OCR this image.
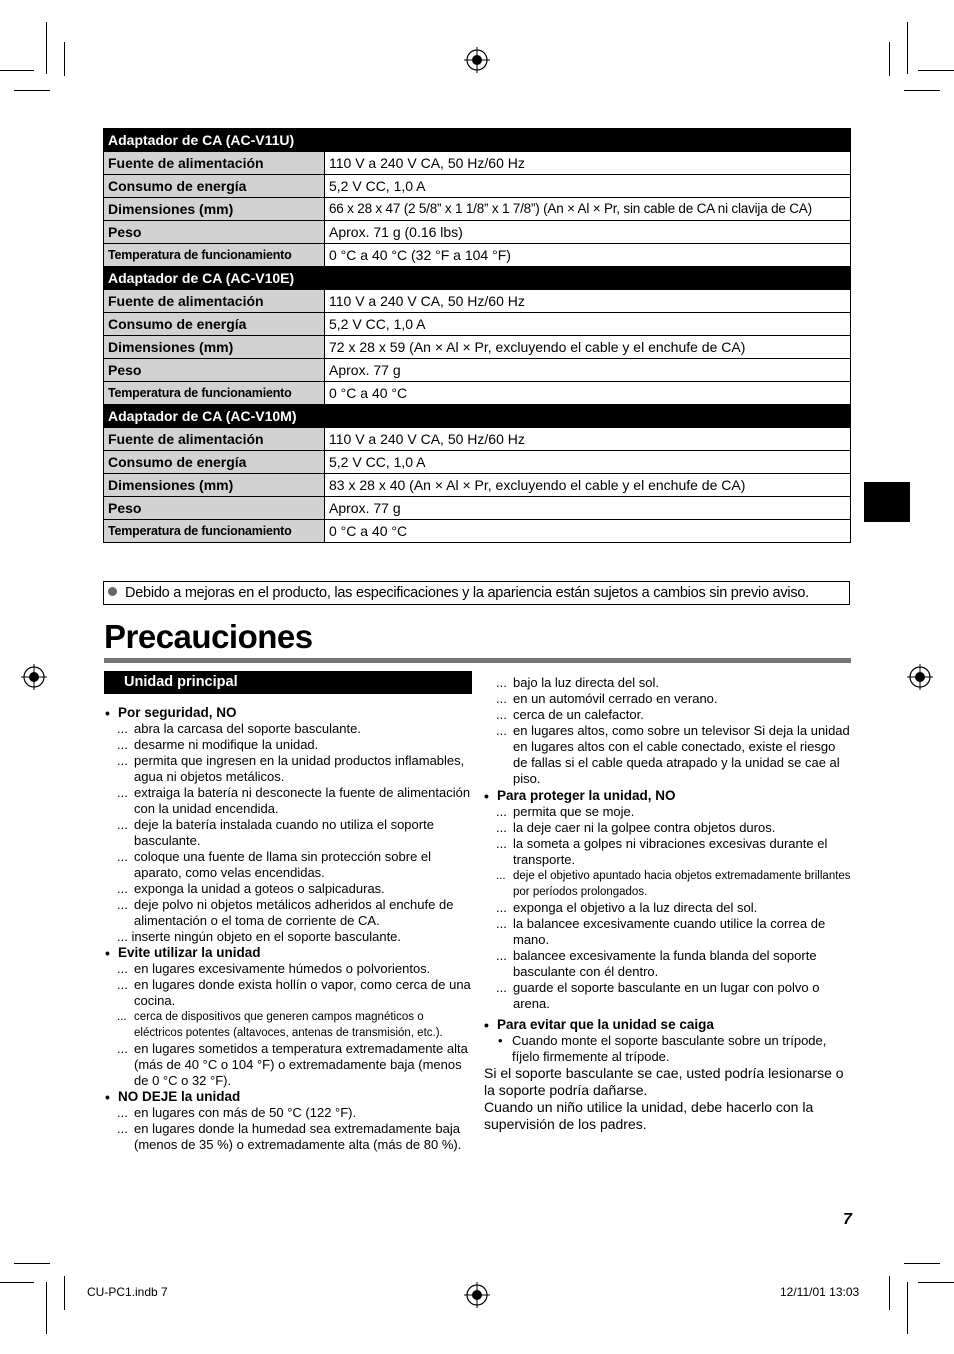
Adaptador de CA (AC-V11U)	
Fuente de alimentación	110 V a 240 V CA, 50 Hz/60 Hz
Consumo de energía	5,2 V CC, 1,0 A
Dimensiones (mm)	66 x 28 x 47 (2 5/8” x 1 1/8” x 1 7/8”) (An × Al × Pr, sin cable de CA ni clavija de CA)
Peso	Aprox. 71 g (0.16 lbs)
Temperatura de funcionamiento	0 °C a 40 °C (32 °F a 104 °F)
Adaptador de CA (AC-V10E)	
Fuente de alimentación	110 V a 240 V CA, 50 Hz/60 Hz
Consumo de energía	5,2 V CC, 1,0 A
Dimensiones (mm)	72 x 28 x 59 (An × Al × Pr, excluyendo el cable y el enchufe de CA)
Peso	Aprox. 77 g
Temperatura de funcionamiento	0 °C a 40 °C
Adaptador de CA (AC-V10M)	
Fuente de alimentación	110 V a 240 V CA, 50 Hz/60 Hz
Consumo de energía	5,2 V CC, 1,0 A
Dimensiones (mm)	83 x 28 x 40 (An × Al × Pr, excluyendo el cable y el enchufe de CA)
Peso	Aprox. 77 g
Temperatura de funcionamiento	0 °C a 40 °C
Debido a mejoras en el producto, las especificaciones y la apariencia están sujetos a cambios sin previo aviso.
Precauciones
Unidad principal
• Por seguridad, NO
... abra la carcasa del soporte basculante.
... desarme ni modifique la unidad.
... permita que ingresen en la unidad productos inflamables, agua ni objetos metálicos.
... extraiga la batería ni desconecte la fuente de alimentación con la unidad encendida.
... deje la batería instalada cuando no utiliza el soporte basculante.
... coloque una fuente de llama sin protección sobre el aparato, como velas encendidas.
... exponga la unidad a goteos o salpicaduras.
... deje polvo ni objetos metálicos adheridos al enchufe de alimentación o el toma de corriente de CA.
... inserte ningún objeto en el soporte basculante.
• Evite utilizar la unidad
... en lugares excesivamente húmedos o polvorientos.
... en lugares donde exista hollín o vapor, como cerca de una cocina.
... cerca de dispositivos que generen campos magnéticos o eléctricos potentes (altavoces, antenas de transmisión, etc.).
... en lugares sometidos a temperatura extremadamente alta (más de 40 °C o 104 °F) o extremadamente baja (menos de 0 °C o 32 °F).
• NO DEJE la unidad
... en lugares con más de 50 °C (122 °F).
... en lugares donde la humedad sea extremadamente baja (menos de 35 %) o extremadamente alta (más de 80 %).
... bajo la luz directa del sol.
... en un automóvil cerrado en verano.
... cerca de un calefactor.
... en lugares altos, como sobre un televisor Si deja la unidad en lugares altos con el cable conectado, existe el riesgo de fallas si el cable queda atrapado y la unidad se cae al piso.
• Para proteger la unidad, NO
... permita que se moje.
... la deje caer ni la golpee contra objetos duros.
... la someta a golpes ni vibraciones excesivas durante el transporte.
... deje el objetivo apuntado hacia objetos extremadamente brillantes por períodos prolongados.
... exponga el objetivo a la luz directa del sol.
... la balancee excesivamente cuando utilice la correa de mano.
... balancee excesivamente la funda blanda del soporte basculante con él dentro.
... guarde el soporte basculante en un lugar con polvo o arena.
• Para evitar que la unidad se caiga
• Cuando monte el soporte basculante sobre un trípode, fíjelo firmemente al trípode.
Si el soporte basculante se cae, usted podría lesionarse o la soporte podría dañarse.
Cuando un niño utilice la unidad, debe hacerlo con la supervisión de los padres.
7
CU-PC1.indb 7	12/11/01 13:03
